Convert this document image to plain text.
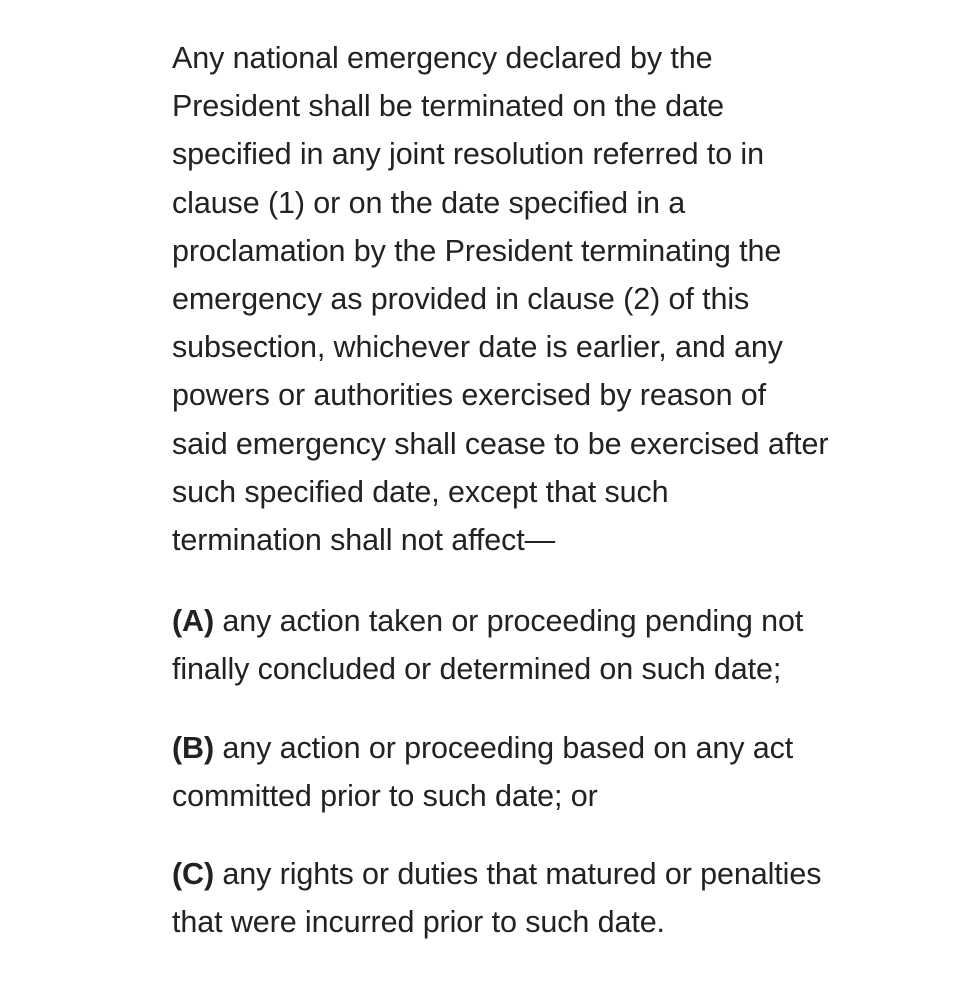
Any national emergency declared by the
President shall be terminated on the date
specified in any joint resolution referred to in
clause (1) or on the date specified in a
proclamation by the President terminating the
emergency as provided in clause (2) of this
subsection, whichever date is earlier, and any
powers or authorities exercised by reason of
said emergency shall cease to be exercised after
such specified date, except that such
termination shall not affect—

(A) any action taken or proceeding pending not
finally concluded or determined on such date;

(B) any action or proceeding based on any act
committed prior to such date; or

(C) any rights or duties that matured or penalties
that were incurred prior to such date.
